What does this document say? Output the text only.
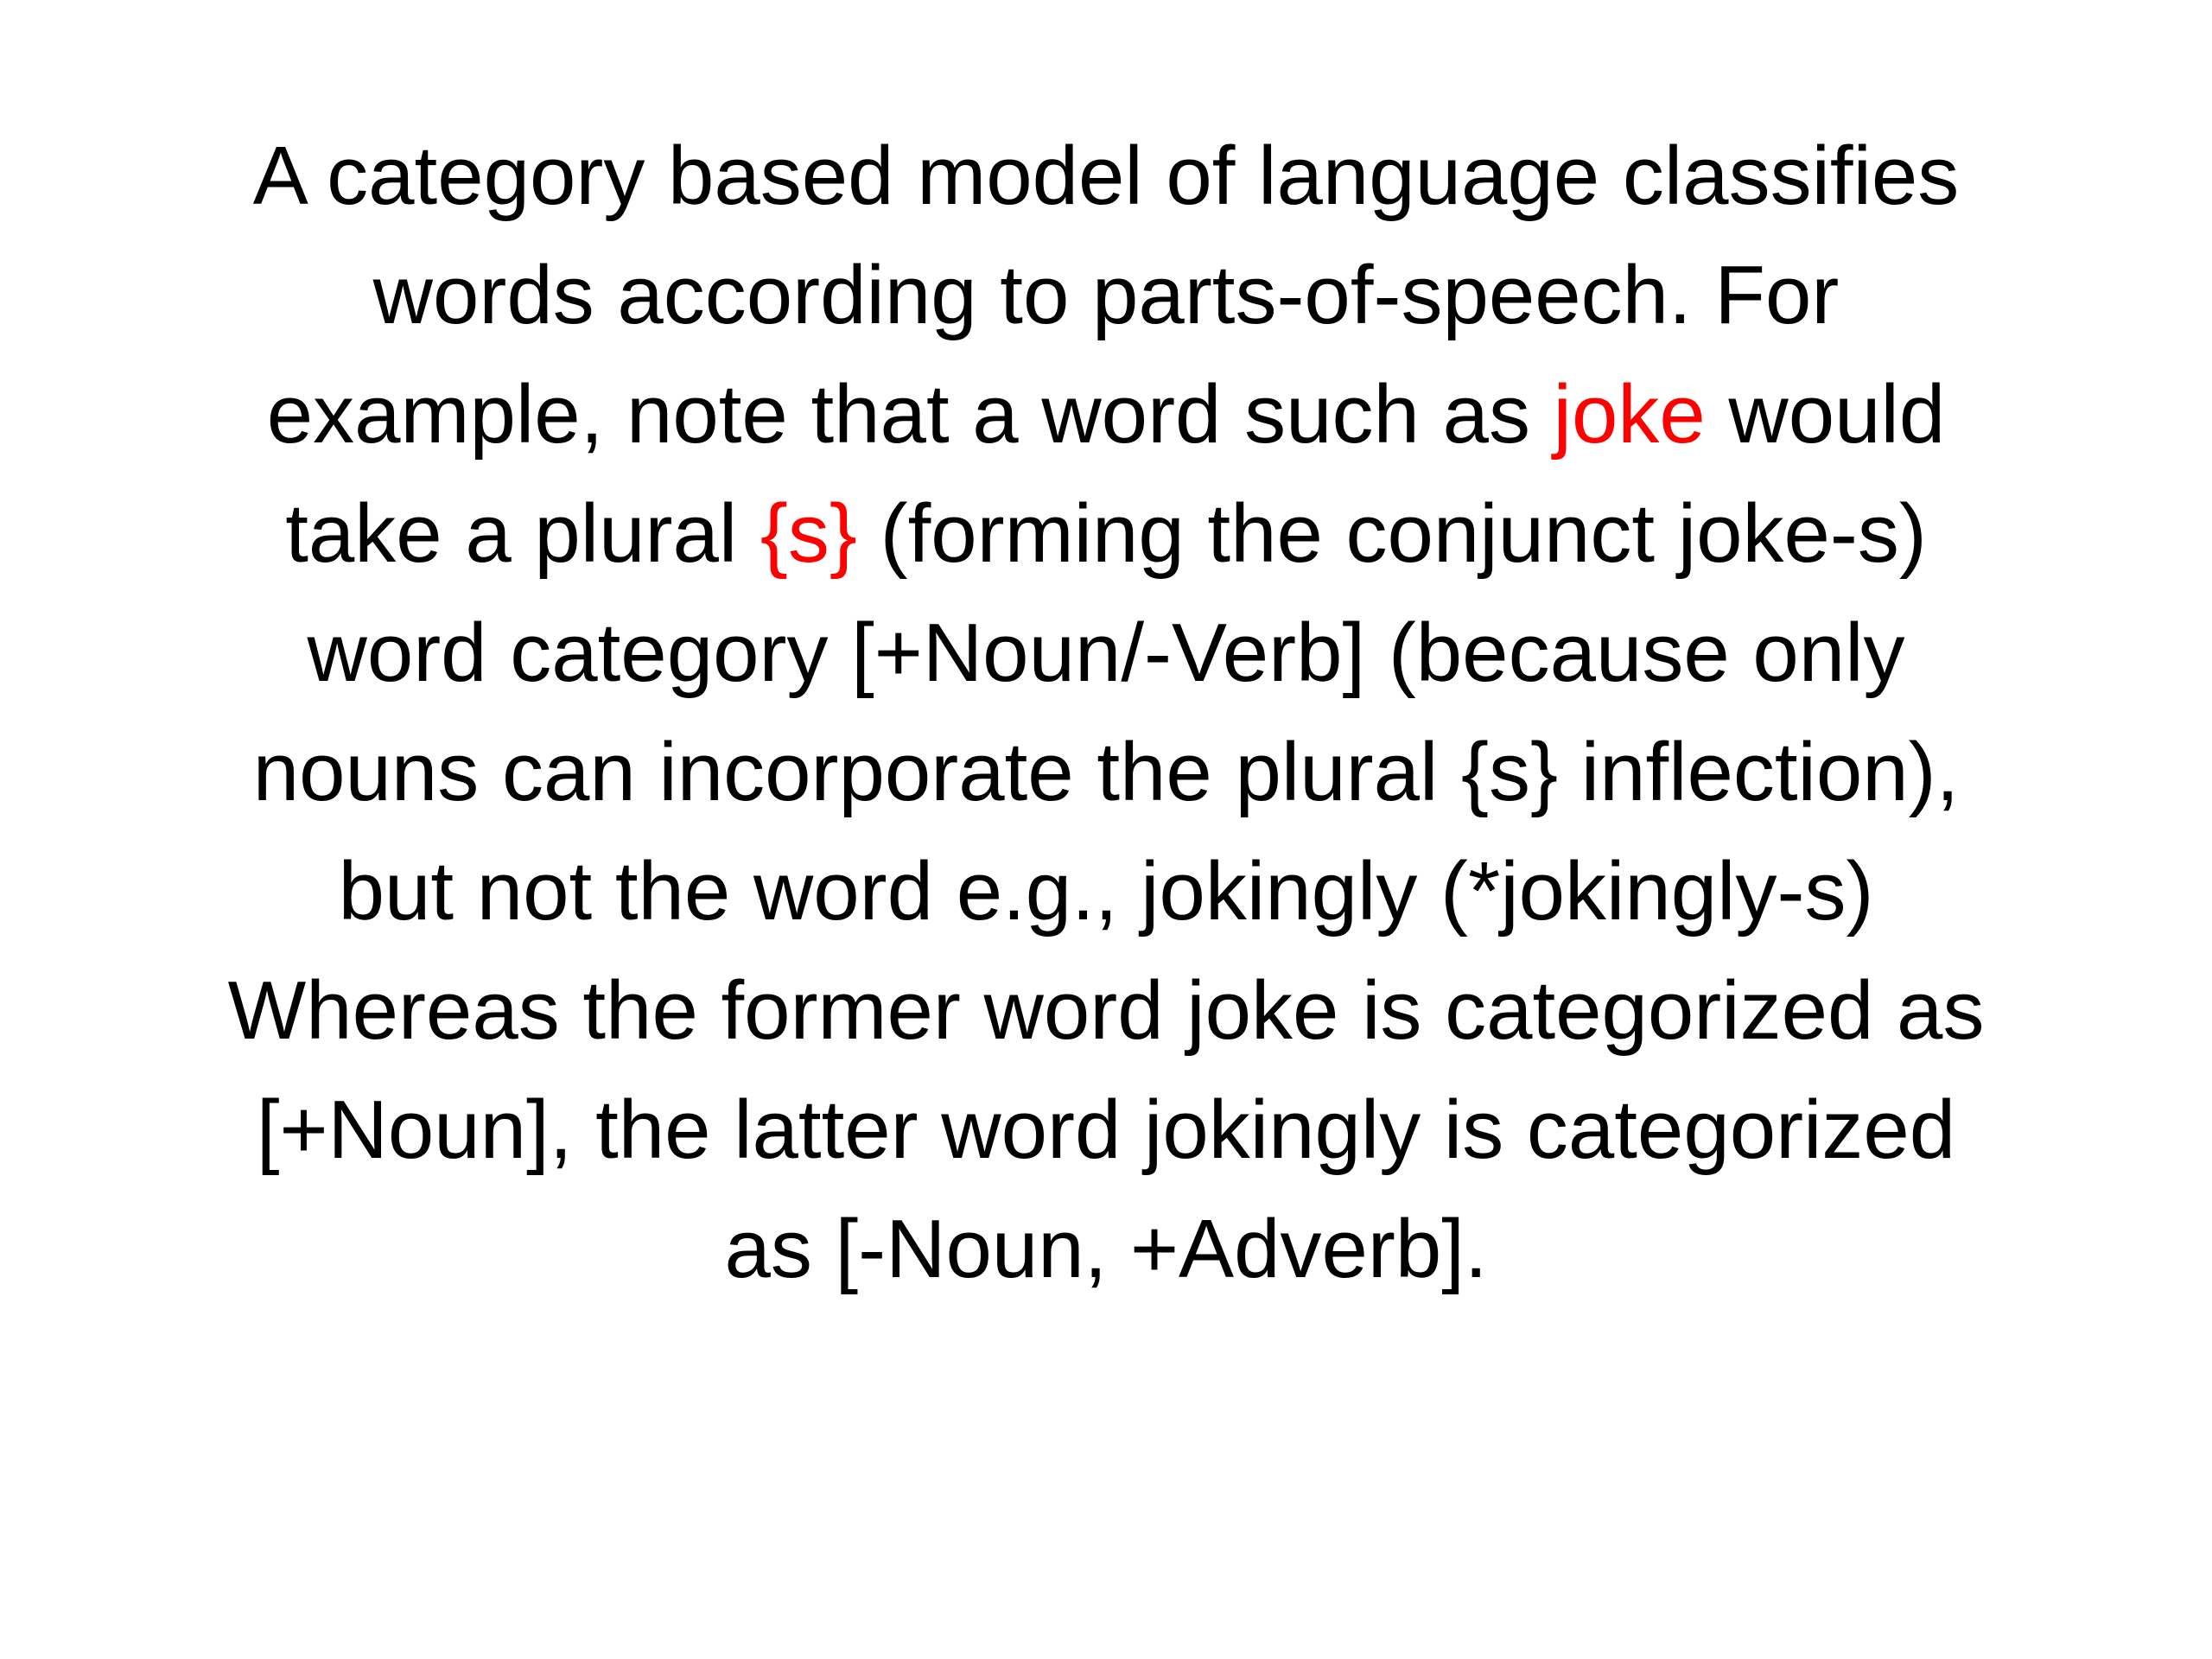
A category based model of language classifies
words according to parts-of-speech. For
example, note that a word such as joke would
take a plural {s} (forming the conjunct joke-s)
word category [+Noun/-Verb] (because only
nouns can incorporate the plural {s} inflection),
but not the word e.g., jokingly (*jokingly-s)
Whereas the former word joke is categorized as
[+Noun], the latter word jokingly is categorized
as [-Noun, +Adverb].
